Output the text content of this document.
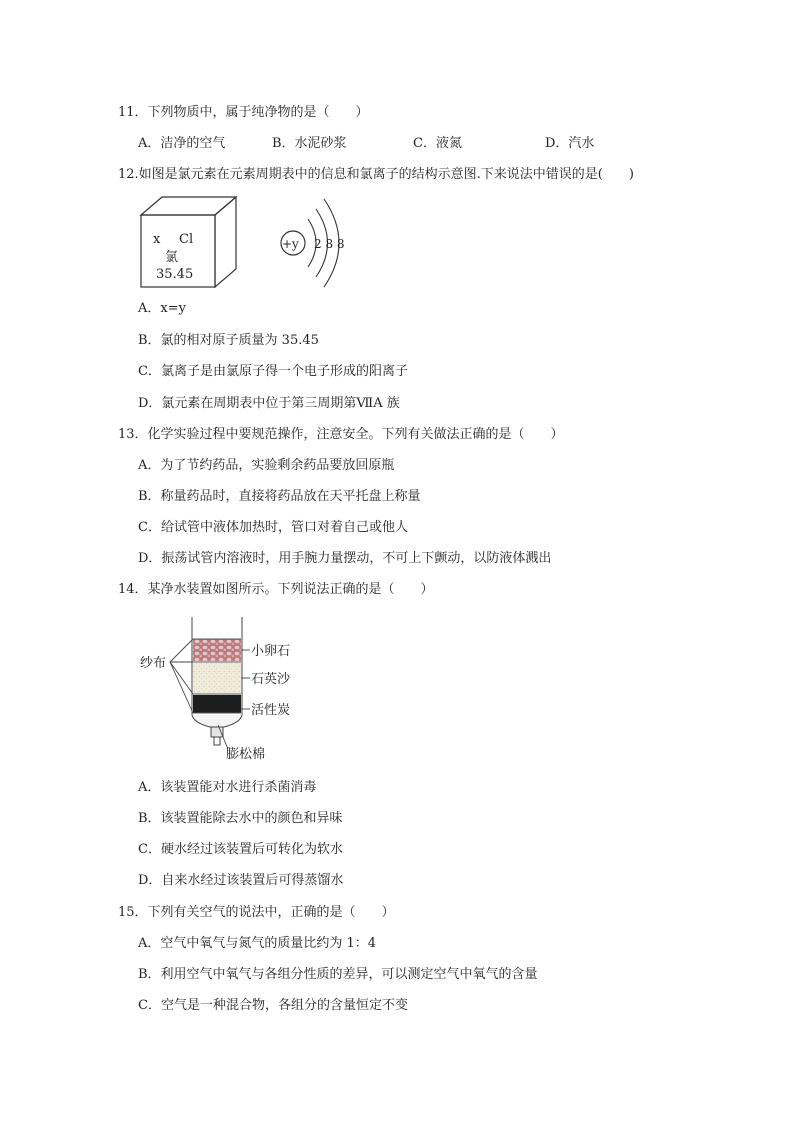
11．下列物质中，属于纯净物的是（　　）
A．洁净的空气	B．水泥砂浆	C．液氮	D．汽水
12.如图是氯元素在元素周期表中的信息和氯离子的结构示意图.下来说法中错误的是(　　)
x Cl
氯
35.45
+y 2 8 8
A．x=y
B．氯的相对原子质量为 35.45
C．氯离子是由氯原子得一个电子形成的阳离子
D．氯元素在周期表中位于第三周期第ⅦA 族
13．化学实验过程中要规范操作，注意安全。下列有关做法正确的是（　　）
A．为了节约药品，实验剩余药品要放回原瓶
B．称量药品时，直接将药品放在天平托盘上称量
C．给试管中液体加热时，管口对着自己或他人
D．振荡试管内溶液时，用手腕力量摆动，不可上下颤动，以防液体溅出
14．某净水装置如图所示。下列说法正确的是（　　）
纱布
小卵石
石英沙
活性炭
膨松棉
A．该装置能对水进行杀菌消毒
B．该装置能除去水中的颜色和异味
C．硬水经过该装置后可转化为软水
D．自来水经过该装置后可得蒸馏水
15．下列有关空气的说法中，正确的是（　　）
A．空气中氧气与氮气的质量比约为 1：4
B．利用空气中氧气与各组分性质的差异，可以测定空气中氧气的含量
C．空气是一种混合物，各组分的含量恒定不变
